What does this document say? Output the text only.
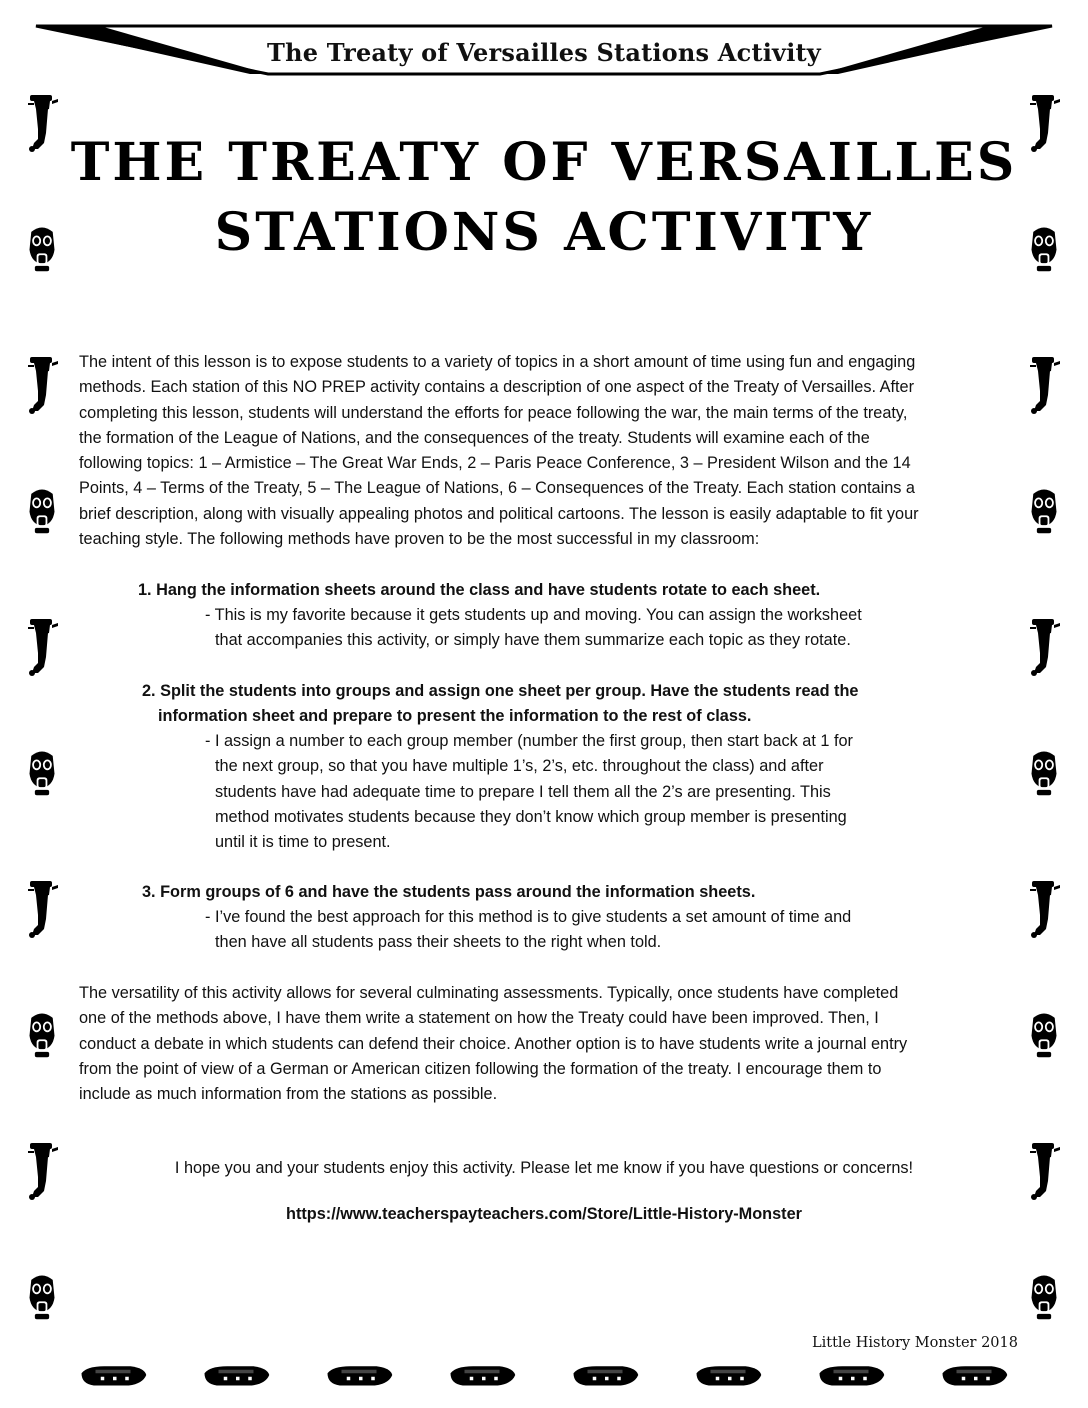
The Treaty of Versailles Stations Activity
THE TREATY OF VERSAILLES
STATIONS ACTIVITY
The intent of this lesson is to expose students to a variety of topics in a short amount of time using fun and engaging
methods. Each station of this NO PREP activity contains a description of one aspect of the Treaty of Versailles. After
completing this lesson, students will understand the efforts for peace following the war, the main terms of the treaty,
the formation of the League of Nations, and the consequences of the treaty. Students will examine each of the
following topics: 1 – Armistice – The Great War Ends, 2 – Paris Peace Conference, 3 – President Wilson and the 14
Points, 4 – Terms of the Treaty, 5 – The League of Nations, 6 – Consequences of the Treaty. Each station contains a
brief description, along with visually appealing photos and political cartoons. The lesson is easily adaptable to fit your
teaching style. The following methods have proven to be the most successful in my classroom:
1. Hang the information sheets around the class and have students rotate to each sheet.
- This is my favorite because it gets students up and moving. You can assign the worksheet
that accompanies this activity, or simply have them summarize each topic as they rotate.
2. Split the students into groups and assign one sheet per group. Have the students read the
information sheet and prepare to present the information to the rest of class.
- I assign a number to each group member (number the first group, then start back at 1 for
the next group, so that you have multiple 1’s, 2’s, etc. throughout the class) and after
students have had adequate time to prepare I tell them all the 2’s are presenting. This
method motivates students because they don’t know which group member is presenting
until it is time to present.
3. Form groups of 6 and have the students pass around the information sheets.
- I’ve found the best approach for this method is to give students a set amount of time and
then have all students pass their sheets to the right when told.
The versatility of this activity allows for several culminating assessments. Typically, once students have completed
one of the methods above, I have them write a statement on how the Treaty could have been improved. Then, I
conduct a debate in which students can defend their choice. Another option is to have students write a journal entry
from the point of view of a German or American citizen following the formation of the treaty. I encourage them to
include as much information from the stations as possible.
I hope you and your students enjoy this activity. Please let me know if you have questions or concerns!
https://www.teacherspayteachers.com/Store/Little-History-Monster
Little History Monster 2018
